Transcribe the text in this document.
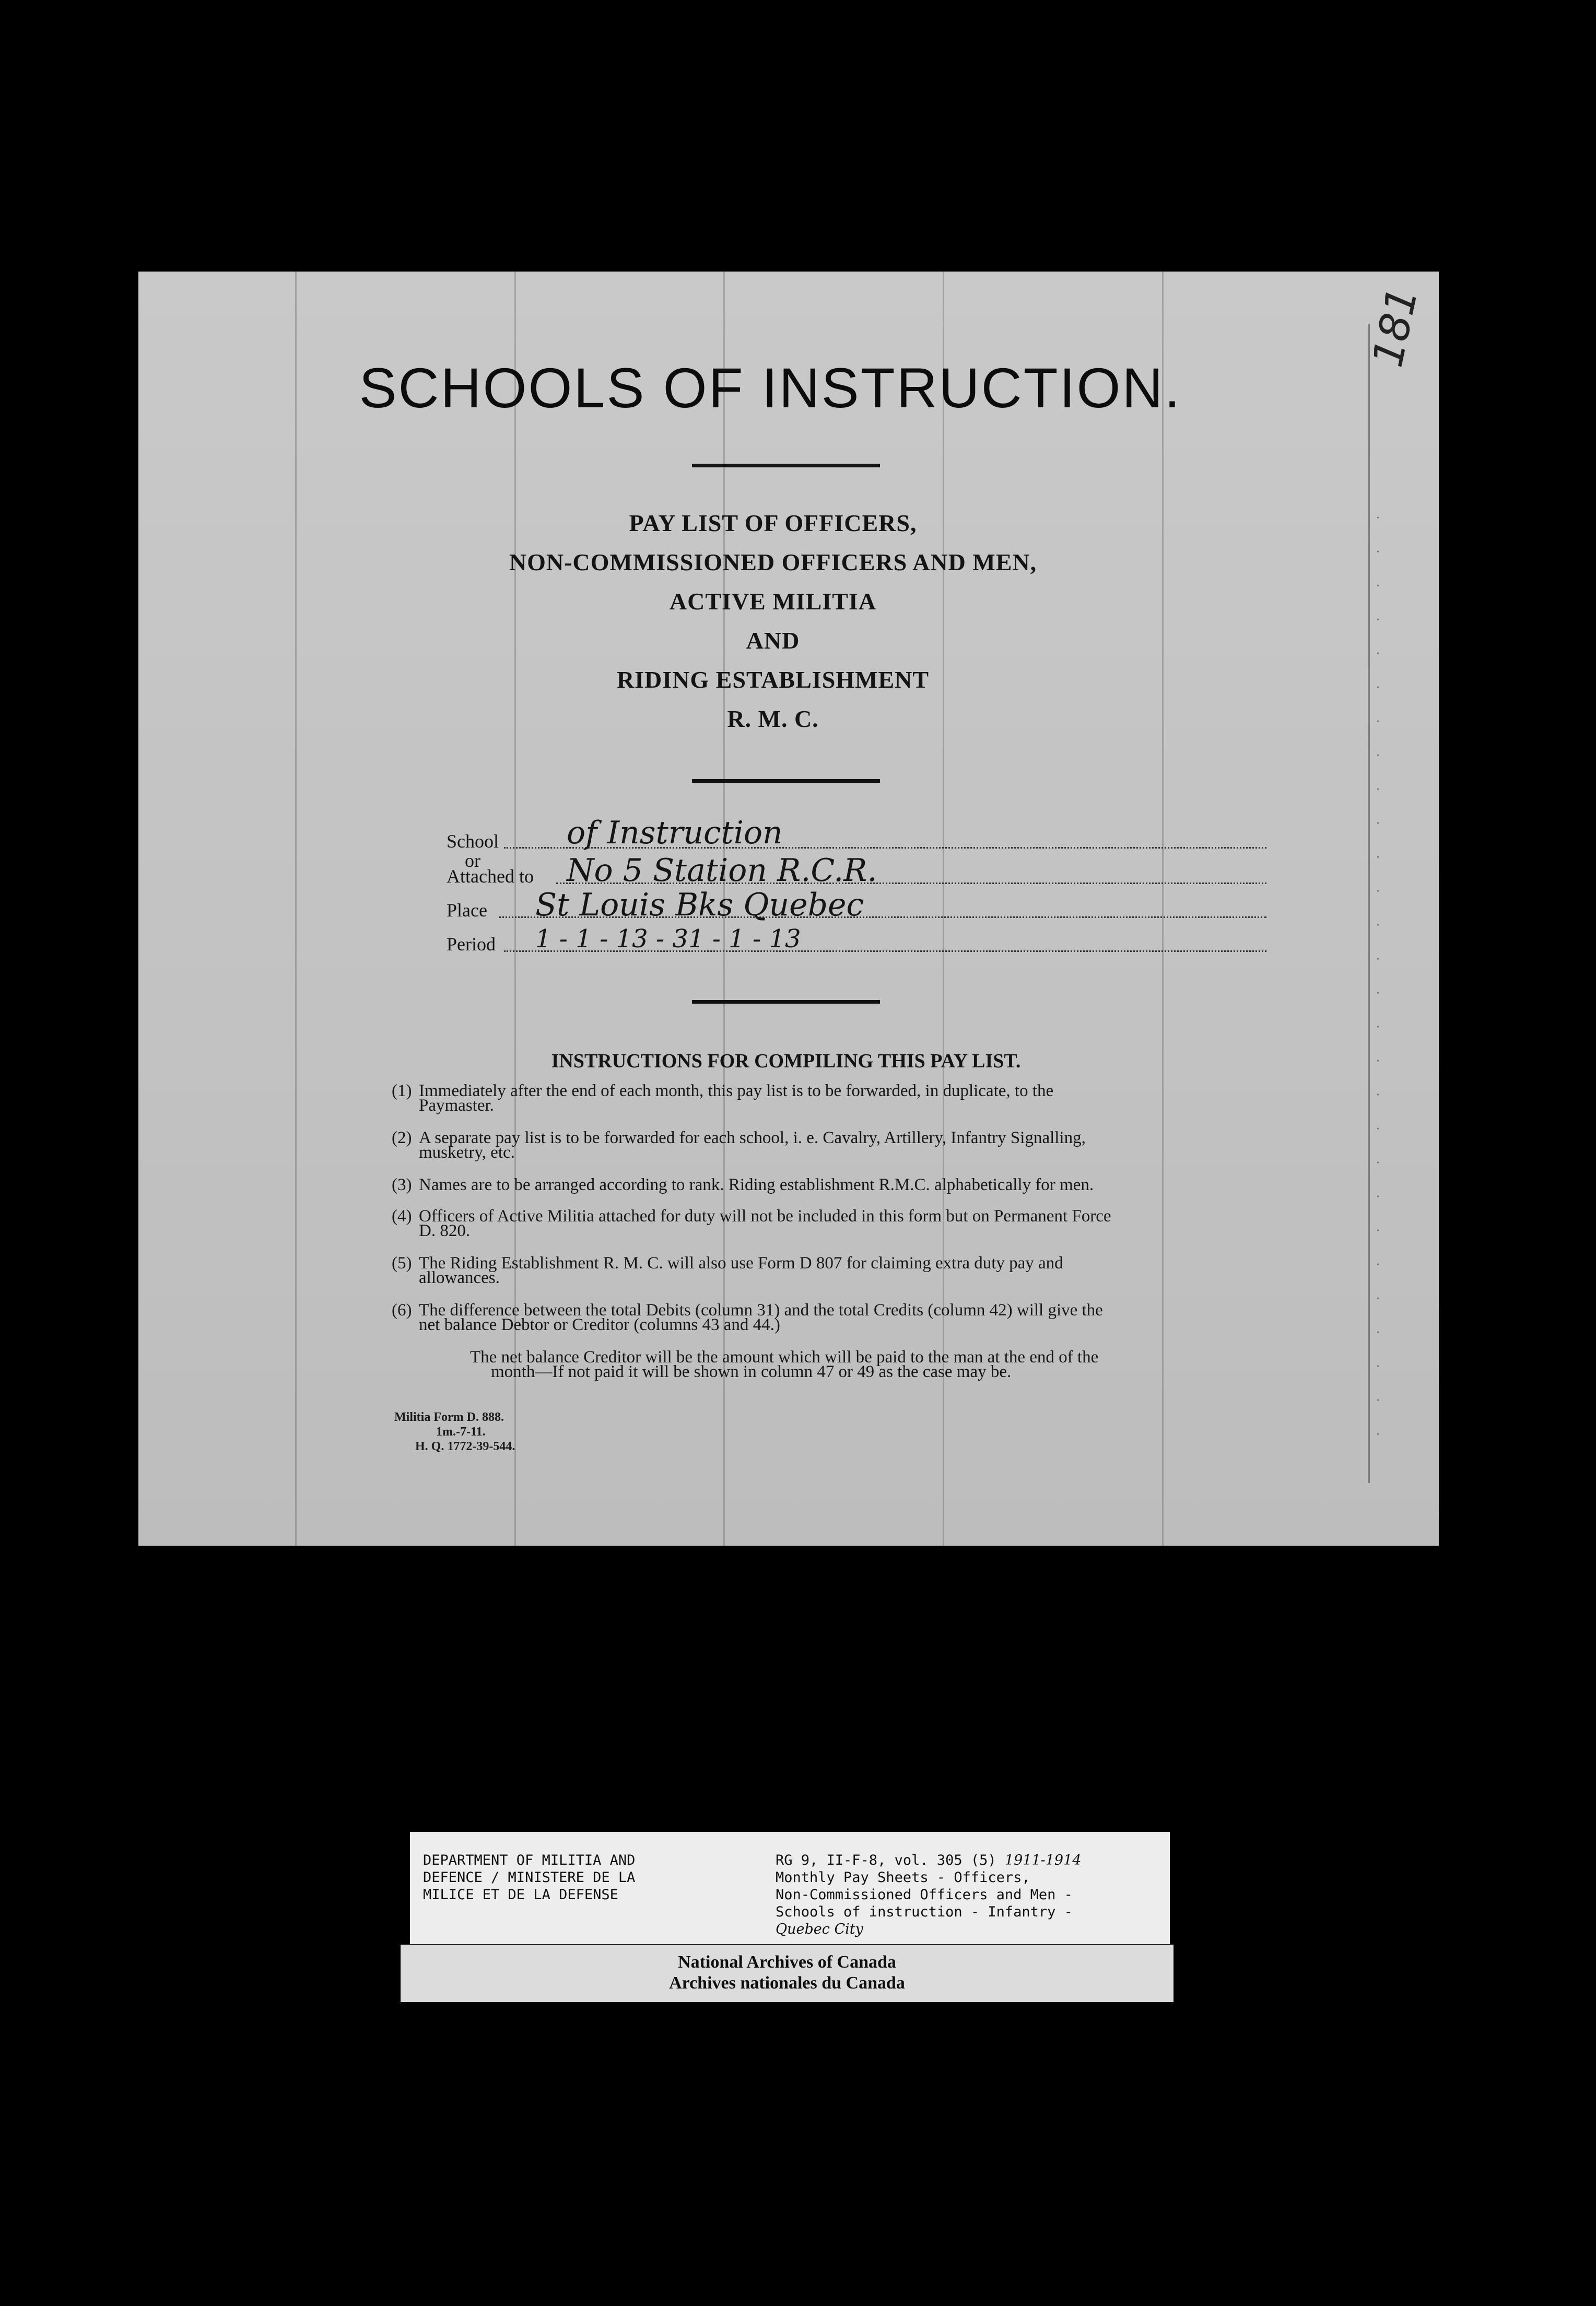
·
·
·
·
·
·
·
·
·
·
·
·
·
·
·
·
·
·
·
·
·
·
·
·
·
·
·
·
181
SCHOOLS OF INSTRUCTION.
PAY LIST OF OFFICERS,
NON-COMMISSIONED OFFICERS AND MEN,
ACTIVE MILITIA
AND
RIDING ESTABLISHMENT
R. M. C.
School
or
Attached to
Place
Period
of Instruction
No 5 Station R.C.R.
St Louis Bks Quebec
1 - 1 - 13 - 31 - 1 - 13
INSTRUCTIONS FOR COMPILING THIS PAY LIST.
(1) Immediately after the end of each month, this pay list is to be forwarded, in duplicate, to the
Paymaster.
(2) A separate pay list is to be forwarded for each school, i. e. Cavalry, Artillery, Infantry Signalling,
musketry, etc.
(3) Names are to be arranged according to rank. Riding establishment R.M.C. alphabetically for men.
(4) Officers of Active Militia attached for duty will not be included in this form but on Permanent Force
D. 820.
(5) The Riding Establishment R. M. C. will also use Form D 807 for claiming extra duty pay and
allowances.
(6) The difference between the total Debits (column 31) and the total Credits (column 42) will give the
net balance Debtor or Creditor (columns 43 and 44.)
The net balance Creditor will be the amount which will be paid to the man at the end of the
month—If not paid it will be shown in column 47 or 49 as the case may be.
Militia Form D. 888.
1m.-7-11.
H. Q. 1772-39-544.
DEPARTMENT OF MILITIA AND
DEFENCE / MINISTERE DE LA
MILICE ET DE LA DEFENSE
RG 9, II-F-8, vol. 305 (5) 1911-1914
Monthly Pay Sheets - Officers,
Non-Commissioned Officers and Men -
Schools of instruction - Infantry -
Quebec City
National Archives of Canada
Archives nationales du Canada
